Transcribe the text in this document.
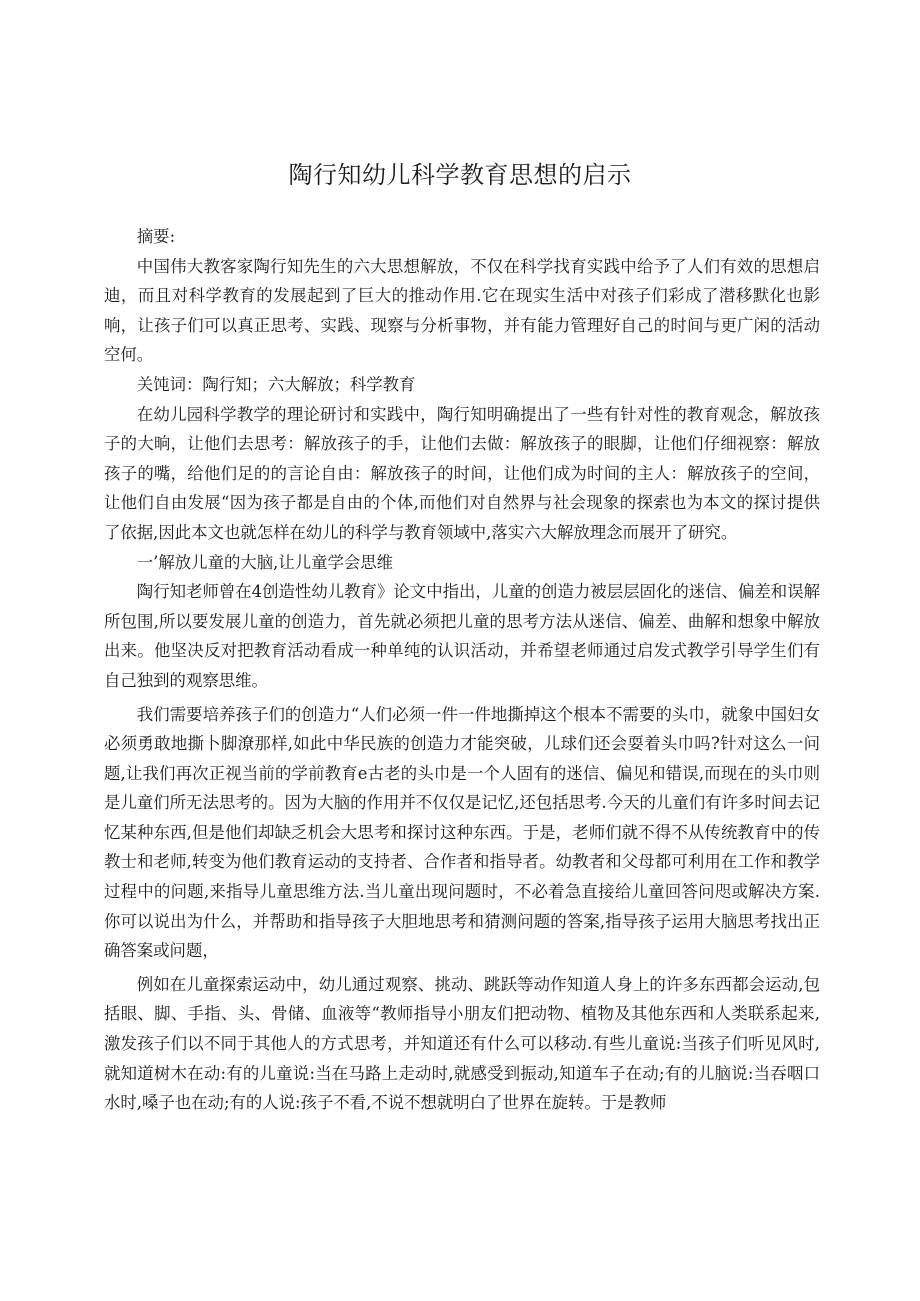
陶行知幼儿科学教育思想的启示

摘要:

中国伟大教客家陶行知先生的六大思想解放，不仅在科学找育实践中给予了人们有效的思想启迪，而且对科学教育的发展起到了巨大的推动作用.它在现实生活中对孩子们彩成了潜移默化也影响，让孩子们可以真正思考、实践、现察与分析事物，并有能力管理好自己的时间与更广闲的活动空何。

关饨词：陶行知；六大解放；科学教育

在幼儿园科学教学的理论研讨和实践中，陶行知明确提出了一些有针对性的教育观念，解放孩子的大晌，让他们去思考：解放孩子的手，让他们去做：解放孩子的眼脚，让他们仔细视察：解放孩子的嘴，给他们足的的言论自由：解放孩子的时间，让他们成为时间的主人：解放孩子的空间，让他们自由发展“因为孩子都是自由的个体,而他们对自然界与社会现象的探索也为本文的探讨提供了依据,因此本文也就怎样在幼儿的科学与教育领域中,落实六大解放理念而展开了研究。

一’解放儿童的大脑,让儿童学会思维

陶行知老师曾在4创造性幼儿教育》论文中指出，儿童的创造力被层层固化的迷信、偏差和误解所包围,所以要发展儿童的创造力，首先就必须把儿童的思考方法从迷信、偏差、曲解和想象中解放出来。他坚决反对把教育活动看成一种单纯的认识活动，并希望老师通过启发式教学引导学生们有自己独到的观察思维。

我们需要培养孩子们的创造力“人们必须一件一件地撕掉这个根本不需要的头巾，就象中国妇女必须勇敢地撕卜脚潦那样,如此中华民族的创造力才能突破，儿球们还会耍着头巾吗?针对这么一问题,让我们再次正视当前的学前教育e古老的头巾是一个人固有的迷信、偏见和错误,而现在的头巾则是儿童们所无法思考的。因为大脑的作用并不仅仅是记忆,还包括思考.今天的儿童们有许多时间去记忆某种东西,但是他们却缺乏机会大思考和探讨这种东西。于是，老师们就不得不从传统教育中的传教士和老师,转变为他们教育运动的支持者、合作者和指导者。幼教者和父母都可利用在工作和教学过程中的问题,来指导儿童思维方法.当儿童出现问题时，不必着急直接给儿童回答问咫或解决方案.你可以说出为什么，并帮助和指导孩子大胆地思考和猜测问题的答案,指导孩子运用大脑思考找出正确答案或问题，

例如在儿童探索运动中，幼儿通过观察、挑动、跳跃等动作知道人身上的许多东西都会运动,包括眼、脚、手指、头、骨储、血液等“教师指导小朋友们把动物、植物及其他东西和人类联系起来,激发孩子们以不同于其他人的方式思考，并知道还有什么可以移动.有些儿童说:当孩子们听见风时,就知道树木在动:有的儿童说:当在马路上走动时,就感受到振动,知道车子在动;有的儿脑说:当吞咽口水时,嗓子也在动;有的人说:孩子不看,不说不想就明白了世界在旋转。于是教师
